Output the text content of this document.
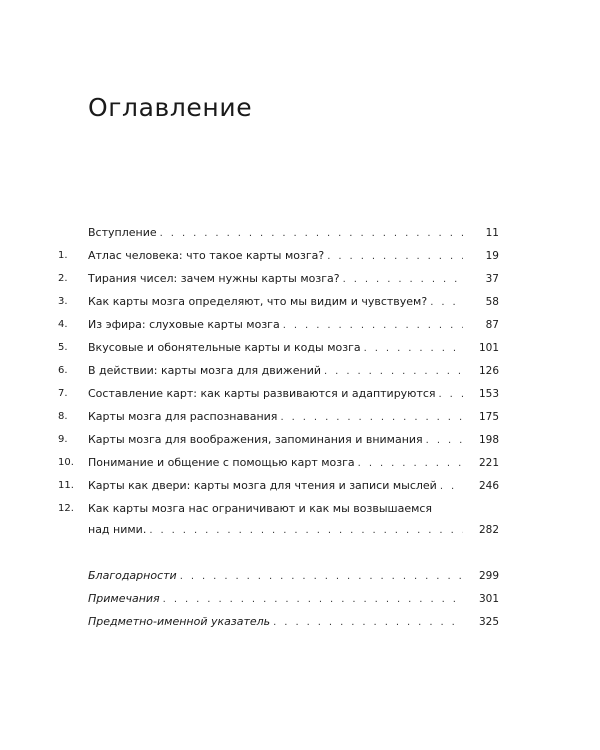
Оглавление
Вступление . . .	11
1. Атлас человека: что такое карты мозга? . . .	19
2. Тирания чисел: зачем нужны карты мозга? . . .	37
3. Как карты мозга определяют, что мы видим и чувствуем? . . .	58
4. Из эфира: слуховые карты мозга . . .	87
5. Вкусовые и обонятельные карты и коды мозга . . .	101
6. В действии: карты мозга для движений . . .	126
7. Составление карт: как карты развиваются и адаптируются . . .	153
8. Карты мозга для распознавания . . .	175
9. Карты мозга для воображения, запоминания и внимания . . .	198
10. Понимание и общение с помощью карт мозга . . .	221
11. Карты как двери: карты мозга для чтения и записи мыслей . . .	246
12. Как карты мозга нас ограничивают и как мы возвышаемся
над ними. . . .	282
Благодарности . . .	299
Примечания . . .	301
Предметно-именной указатель . . .	325
